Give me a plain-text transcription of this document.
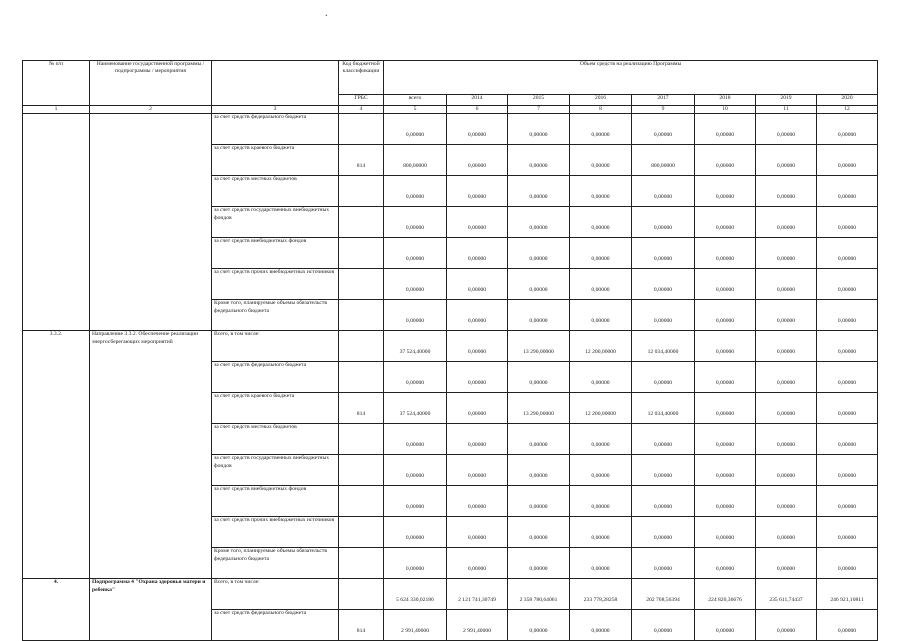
.
№ п/п	Наименование государственной программы / подпрограммы / мероприятия		Код бюджетной классификации	Объем средств на реализацию Программы							
			ГРБС	всего	2014	2015	2016	2017	2018	2019	2020
1	2	3	4	5	6	7	8	9	10	11	12
		за счет средств федерального бюджета		0,00000	0,00000	0,00000	0,00000	0,00000	0,00000	0,00000	0,00000
		за счет средств краевого бюджета	814	800,00000	0,00000	0,00000	0,00000	800,00000	0,00000	0,00000	0,00000
		за счет средств местных бюджетов		0,00000	0,00000	0,00000	0,00000	0,00000	0,00000	0,00000	0,00000
		за счет средств государственных внебюджетных фондов		0,00000	0,00000	0,00000	0,00000	0,00000	0,00000	0,00000	0,00000
		за счет средств внебюджетных фондов		0,00000	0,00000	0,00000	0,00000	0,00000	0,00000	0,00000	0,00000
		за счет средств прочих внебюджетных источников		0,00000	0,00000	0,00000	0,00000	0,00000	0,00000	0,00000	0,00000
		Кроме того, планируемые объемы обязательств федерального бюджета		0,00000	0,00000	0,00000	0,00000	0,00000	0,00000	0,00000	0,00000
3.3.2.	Направление 3.3.2. Обеспечение реализации энергосберегающих мероприятий	Всего, в том числе:		37 524,40000	0,00000	13 290,00000	12 200,00000	12 034,40000	0,00000	0,00000	0,00000
		за счет средств федерального бюджета		0,00000	0,00000	0,00000	0,00000	0,00000	0,00000	0,00000	0,00000
		за счет средств краевого бюджета	814	37 524,40000	0,00000	13 290,00000	12 200,00000	12 034,40000	0,00000	0,00000	0,00000
		за счет средств местных бюджетов		0,00000	0,00000	0,00000	0,00000	0,00000	0,00000	0,00000	0,00000
		за счет средств государственных внебюджетных фондов		0,00000	0,00000	0,00000	0,00000	0,00000	0,00000	0,00000	0,00000
		за счет средств внебюджетных фондов		0,00000	0,00000	0,00000	0,00000	0,00000	0,00000	0,00000	0,00000
		за счет средств прочих внебюджетных источников		0,00000	0,00000	0,00000	0,00000	0,00000	0,00000	0,00000	0,00000
		Кроме того, планируемые объемы обязательств федерального бюджета		0,00000	0,00000	0,00000	0,00000	0,00000	0,00000	0,00000	0,00000
4.	Подпрограмма 4 "Охрана здоровья матери и ребенка"	Всего, в том числе:		5 624 330,02186	2 121 741,30749	2 358 780,64061	233 778,28258	202 768,56394	224 820,36676	235 611,74437	246 921,10811
		за счет средств федерального бюджета	814	2 991,40000	2 991,40000	0,00000	0,00000	0,00000	0,00000	0,00000	0,00000
